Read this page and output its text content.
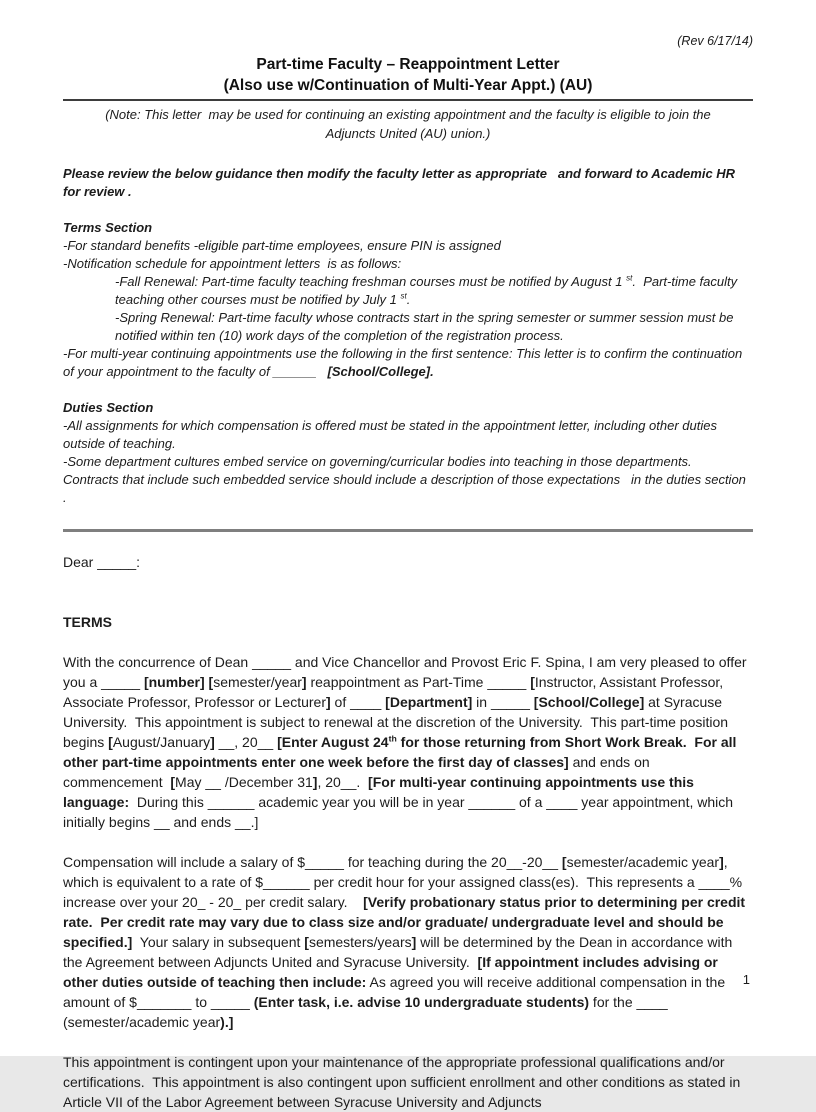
(Rev 6/17/14)
Part-time Faculty – Reappointment Letter
(Also use w/Continuation of Multi-Year Appt.) (AU)
(Note: This letter  may be used for continuing an existing appointment and the faculty is eligible to join the Adjuncts United (AU) union.)

Please review the below guidance then modify the faculty letter as appropriate   and forward to Academic HR for review .

Terms Section

-For standard benefits -eligible part-time employees, ensure PIN is assigned
-Notification schedule for appointment letters  is as follows:
-Fall Renewal: Part-time faculty teaching freshman courses must be notified by August 1 $^{st}$.  Part-time faculty teaching other courses must be notified by July 1 $^{st}$.
-Spring Renewal: Part-time faculty whose contracts start in the spring semester or summer session must be notified within ten (10) work days of the completion of the registration process.
-For multi-year continuing appointments use the following in the first sentence: This letter is to confirm the continuation of your appointment to the faculty of ______   [School/College].

Duties Section

-All assignments for which compensation is offered must be stated in the appointment letter, including other duties outside of teaching.
-Some department cultures embed service on governing/curricular bodies into teaching in those departments.  Contracts that include such embedded service should include a description of those expectations   in the duties section .

Dear _____:

TERMS

With the concurrence of Dean _____ and Vice Chancellor and Provost Eric F. Spina, I am very pleased to offer you a _____ [number] [semester/year] reappointment as Part-Time _____ [Instructor, Assistant Professor, Associate Professor, Professor or Lecturer] of ____ [Department] in _____ [School/College] at Syracuse University.  This appointment is subject to renewal at the discretion of the University.  This part-time position begins [August/January] __, 20__ [Enter August 24th for those returning from Short Work Break.  For all other part-time appointments enter one week before the first day of classes] and ends on commencement  [May __ /December 31], 20__.  [For multi-year continuing appointments use this language:  During this ______ academic year you will be in year ______ of a ____ year appointment, which initially begins __ and ends __.]

Compensation will include a salary of $_____ for teaching during the 20__-20__ [semester/academic year], which is equivalent to a rate of $______ per credit hour for your assigned class(es).  This represents a ____% increase over your 20_ - 20_ per credit salary.    [Verify probationary status prior to determining per credit rate.  Per credit rate may vary due to class size and/or graduate/ undergraduate level and should be specified.]  Your salary in subsequent [semesters/years] will be determined by the Dean in accordance with the Agreement between Adjuncts United and Syracuse University.  [If appointment includes advising or other duties outside of teaching then include: As agreed you will receive additional compensation in the amount of $_______ to _____ (Enter task, i.e. advise 10 undergraduate students) for the ____ (semester/academic year).]

This appointment is contingent upon your maintenance of the appropriate professional qualifications and/or certifications.  This appointment is also contingent upon sufficient enrollment and other conditions as stated in Article VII of the Labor Agreement between Syracuse University and Adjuncts

1
